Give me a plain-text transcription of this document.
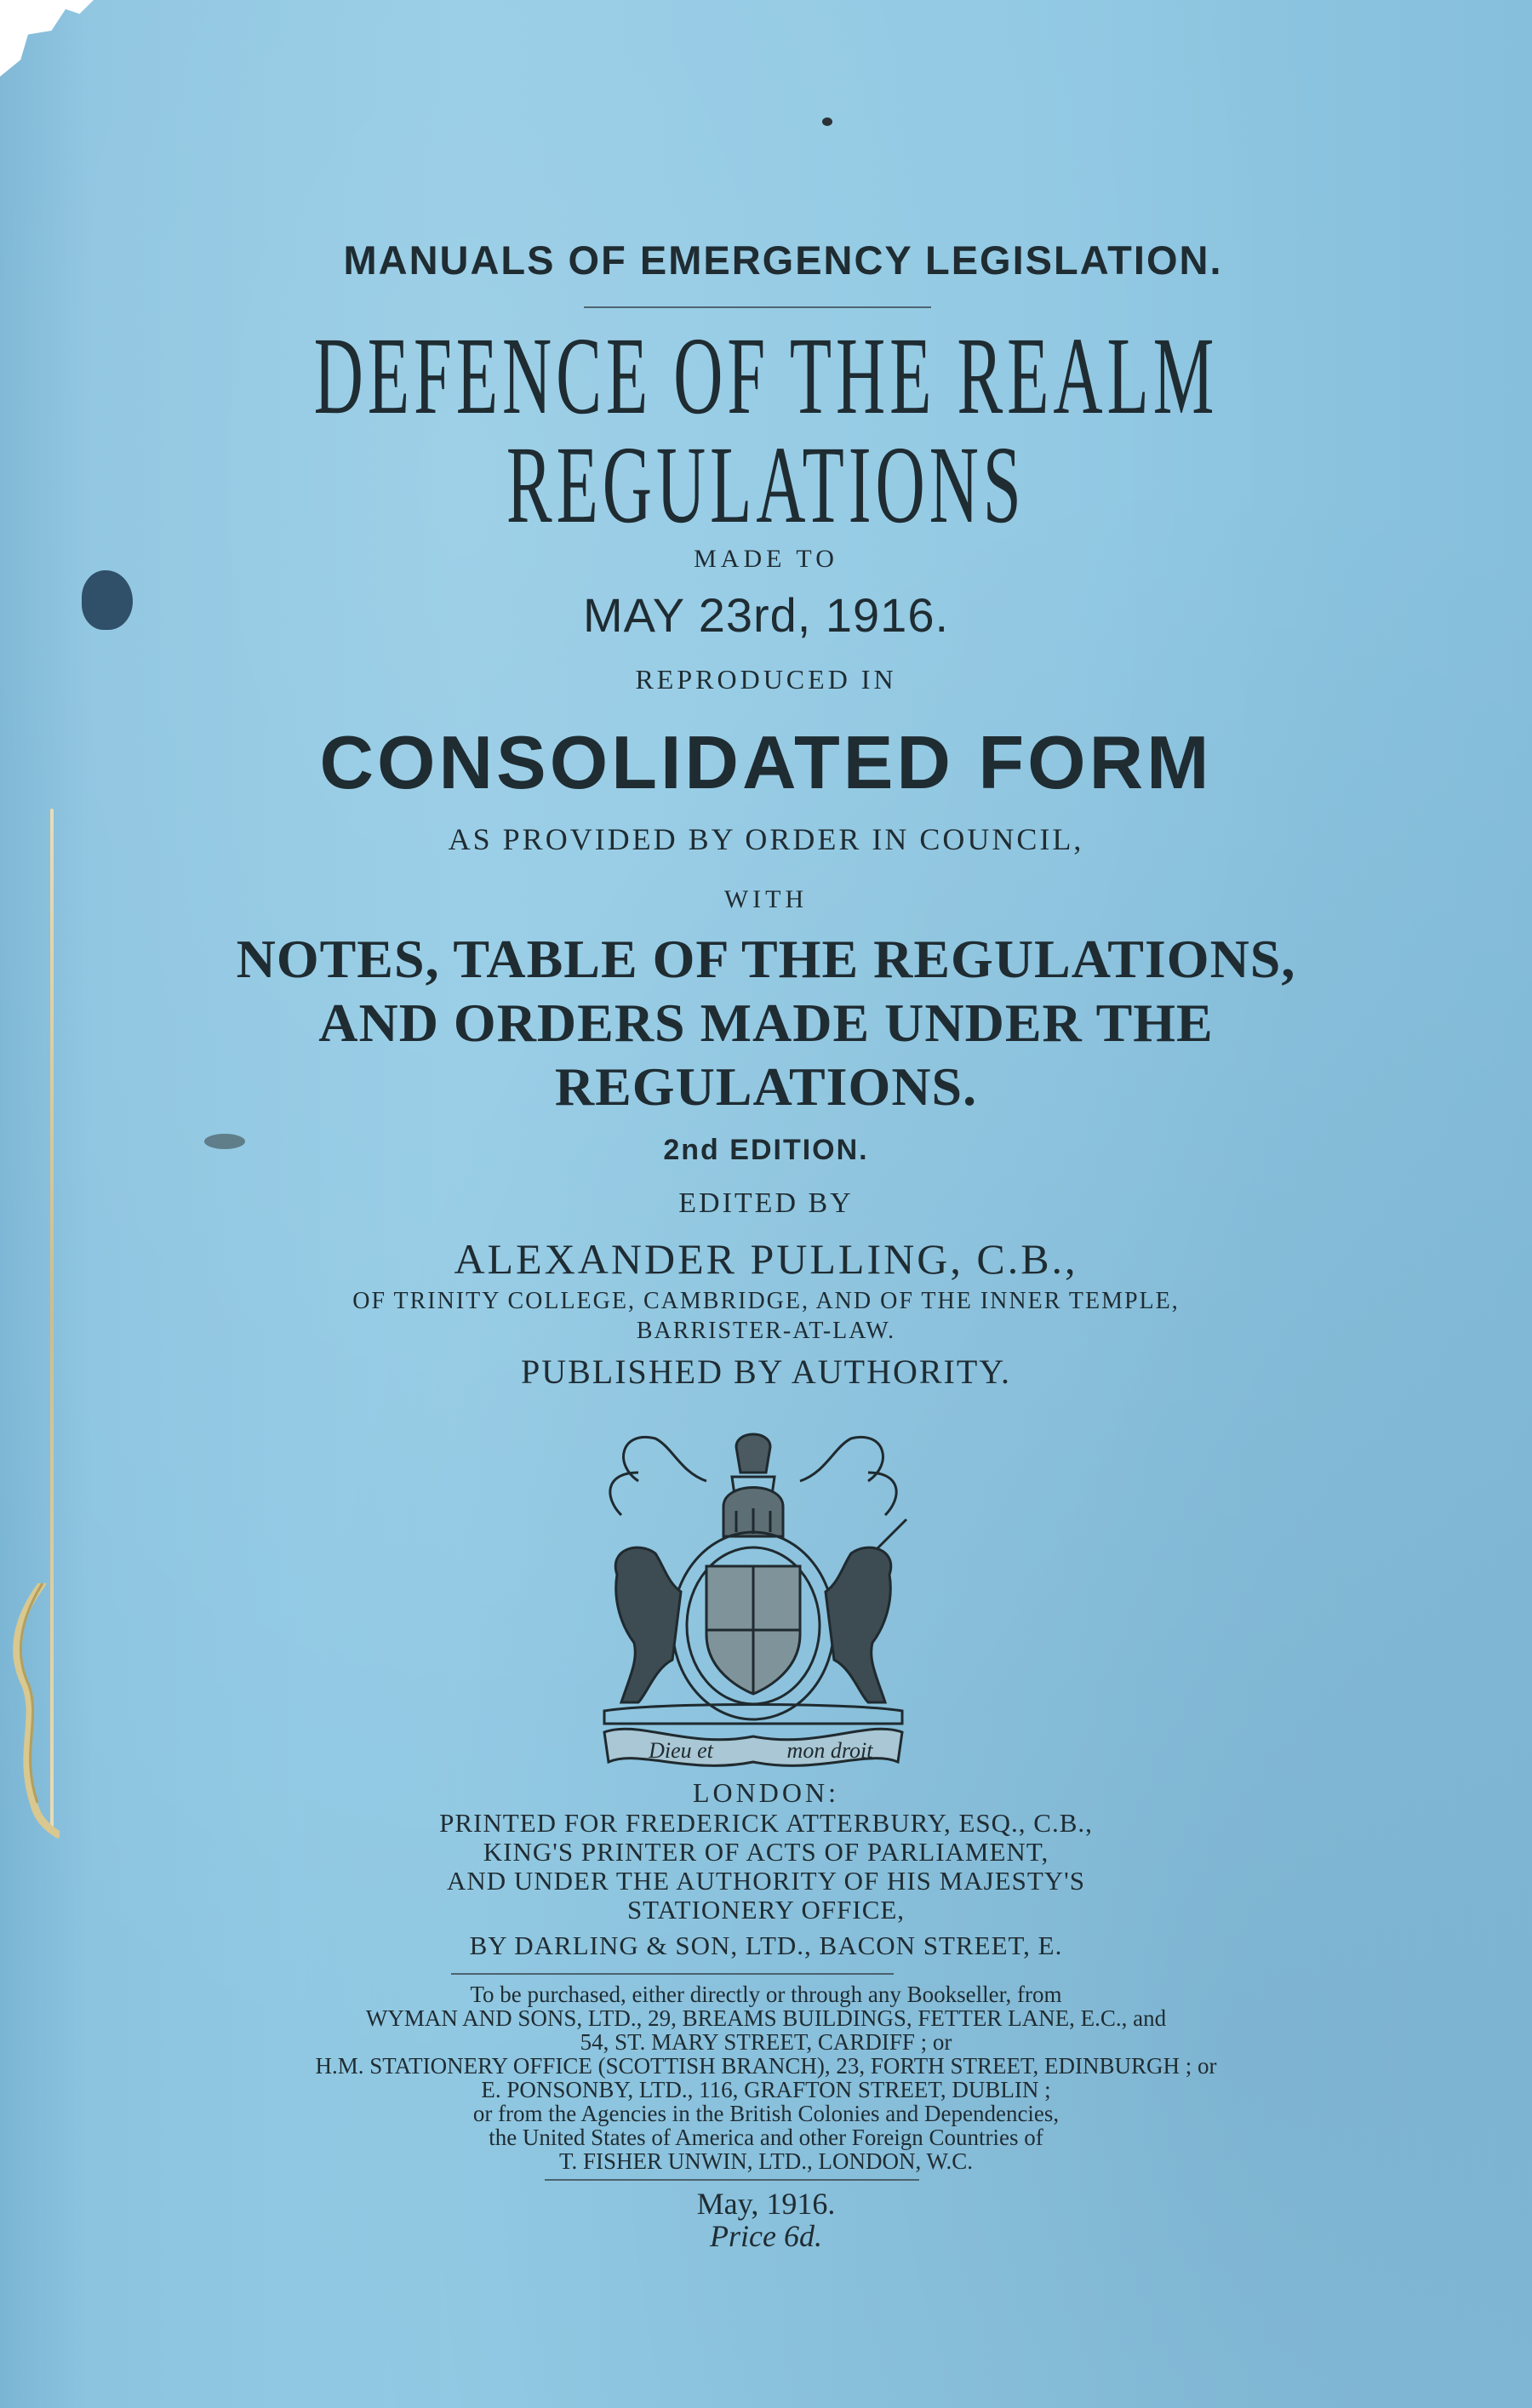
MANUALS OF EMERGENCY LEGISLATION.
DEFENCE OF THE REALM
REGULATIONS
MADE TO
MAY 23rd, 1916.
REPRODUCED IN
CONSOLIDATED FORM
AS PROVIDED BY ORDER IN COUNCIL,
WITH
NOTES, TABLE OF THE REGULATIONS,
AND ORDERS MADE UNDER THE
REGULATIONS.
2nd EDITION.
EDITED BY
ALEXANDER PULLING, C.B.,
OF TRINITY COLLEGE, CAMBRIDGE, AND OF THE INNER TEMPLE,
BARRISTER-AT-LAW.
PUBLISHED BY AUTHORITY.
Dieu et	mon droit
LONDON:
PRINTED FOR FREDERICK ATTERBURY, ESQ., C.B.,
KING'S PRINTER OF ACTS OF PARLIAMENT,
AND UNDER THE AUTHORITY OF HIS MAJESTY'S
STATIONERY OFFICE,
BY DARLING & SON, LTD., BACON STREET, E.
To be purchased, either directly or through any Bookseller, from
WYMAN AND SONS, LTD., 29, BREAMS BUILDINGS, FETTER LANE, E.C., and
54, ST. MARY STREET, CARDIFF ; or
H.M. STATIONERY OFFICE (SCOTTISH BRANCH), 23, FORTH STREET, EDINBURGH ; or
E. PONSONBY, LTD., 116, GRAFTON STREET, DUBLIN ;
or from the Agencies in the British Colonies and Dependencies,
the United States of America and other Foreign Countries of
T. FISHER UNWIN, LTD., LONDON, W.C.
May, 1916.
Price 6d.
